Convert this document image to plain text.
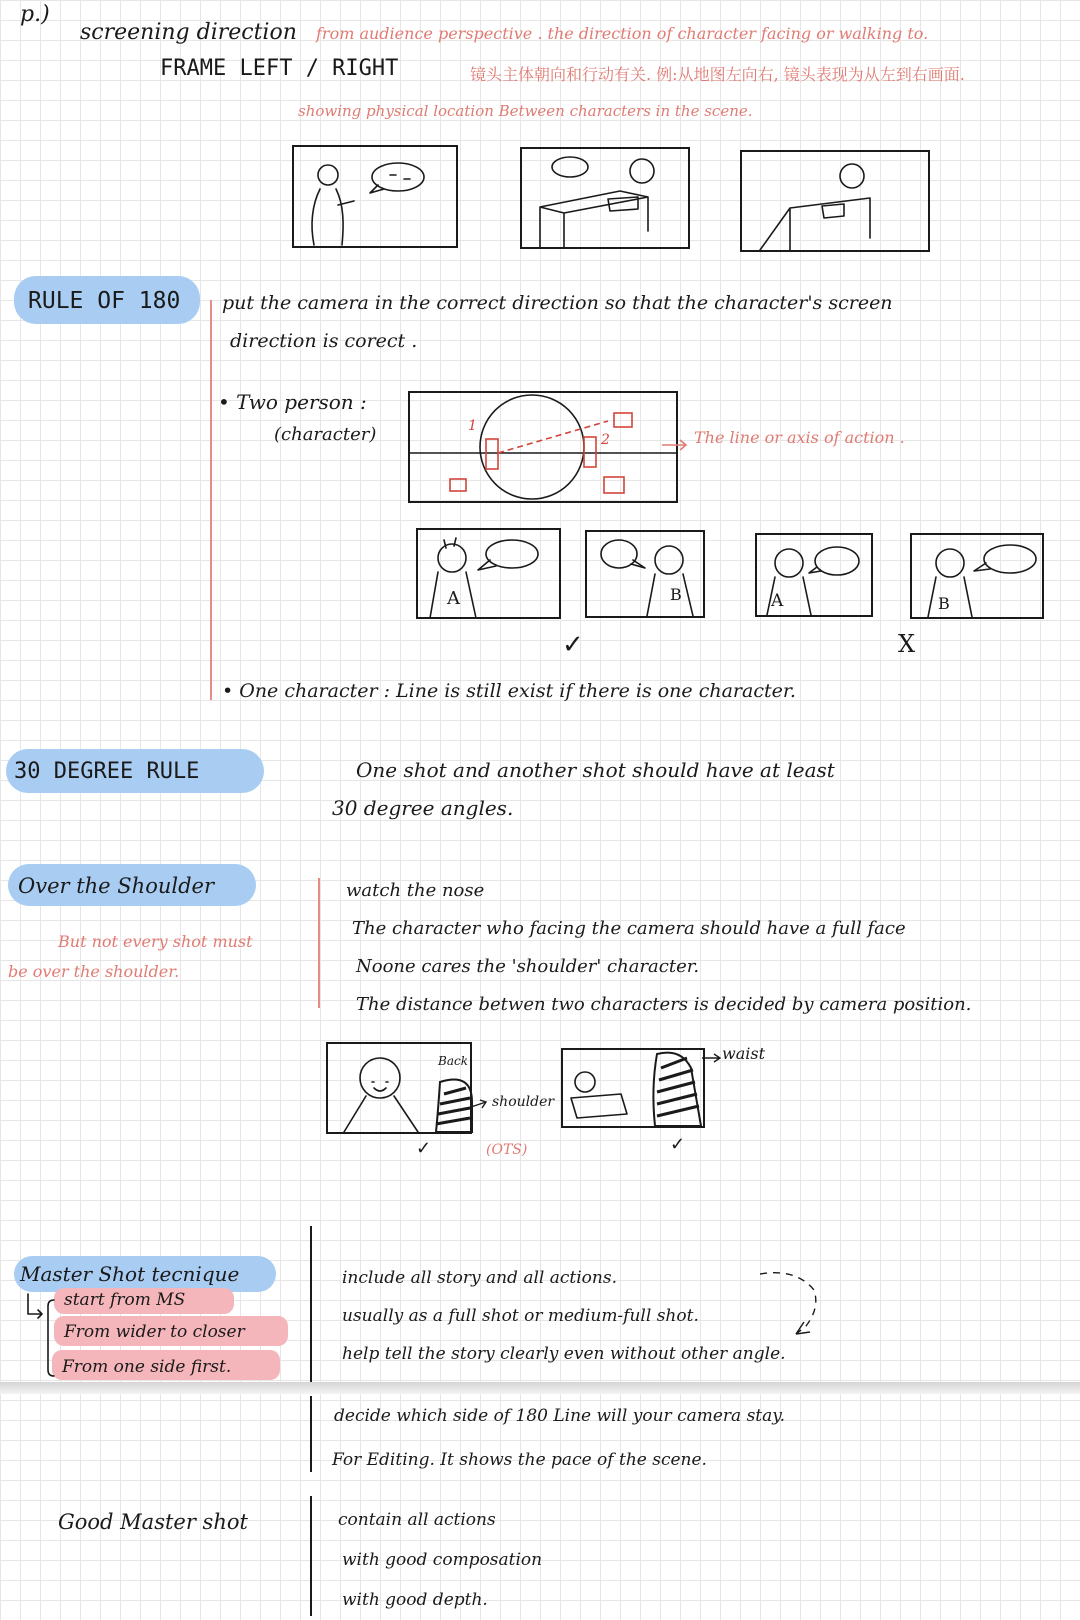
p.)
screening direction
FRAME LEFT / RIGHT
from audience perspective . the direction of character facing or walking to.
镜头主体朝向和行动有关. 例:从地图左向右, 镜头表现为从左到右画面.
showing physical location Between characters in the scene.
RULE OF 180 put the camera in the correct direction so that the character's screen
direction is corect .
• Two person :
(character)	1
2	The line or axis of action .
A	B	A	B
✓	X
• One character : Line is still exist if there is one character.
30 DEGREE RULE	One shot and another shot should have at least
30 degree angles.
Over the Shoulder
But not every shot must
be over the shoulder.
watch the nose
The character who facing the camera should have a full face
Noone cares the 'shoulder' character.
The distance betwen two characters is decided by camera position.
Back
shoulder
waist
✓	(OTS)	✓
Master Shot tecnique
start from MS
From wider to closer
From one side first.
include all story and all actions.
usually as a full shot or medium-full shot.
help tell the story clearly even without other angle.
decide which side of 180 Line will your camera stay.
For Editing. It shows the pace of the scene.
Good Master shot	contain all actions
with good composation
with good depth.
